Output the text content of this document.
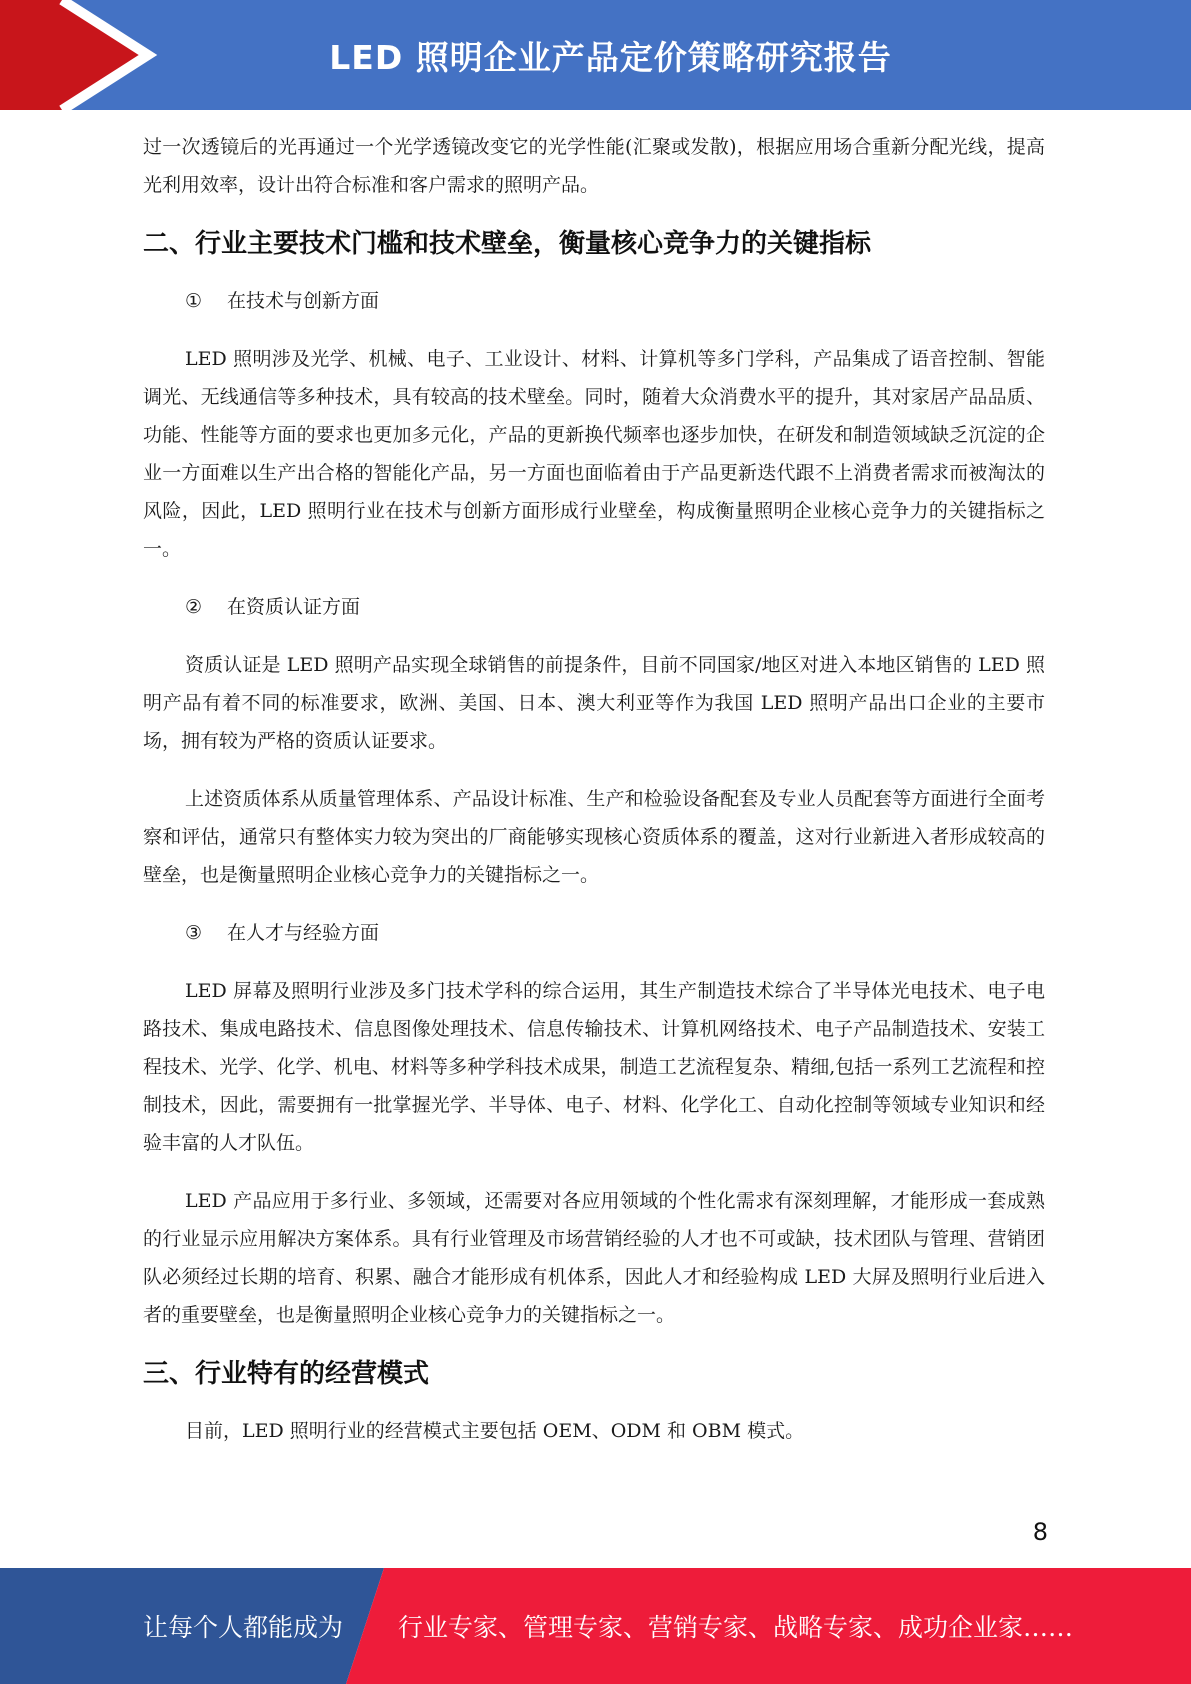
LED 照明企业产品定价策略研究报告

过一次透镜后的光再通过一个光学透镜改变它的光学性能(汇聚或发散)，根据应用场合重新分配光线，提高光利用效率，设计出符合标准和客户需求的照明产品。

二、行业主要技术门槛和技术壁垒，衡量核心竞争力的关键指标
① 在技术与创新方面

LED 照明涉及光学、机械、电子、工业设计、材料、计算机等多门学科，产品集成了语音控制、智能调光、无线通信等多种技术，具有较高的技术壁垒。同时，随着大众消费水平的提升，其对家居产品品质、功能、性能等方面的要求也更加多元化，产品的更新换代频率也逐步加快，在研发和制造领域缺乏沉淀的企业一方面难以生产出合格的智能化产品，另一方面也面临着由于产品更新迭代跟不上消费者需求而被淘汰的风险，因此，LED 照明行业在技术与创新方面形成行业壁垒，构成衡量照明企业核心竞争力的关键指标之一。

② 在资质认证方面

资质认证是 LED 照明产品实现全球销售的前提条件，目前不同国家/地区对进入本地区销售的 LED 照明产品有着不同的标准要求，欧洲、美国、日本、澳大利亚等作为我国 LED 照明产品出口企业的主要市场，拥有较为严格的资质认证要求。

上述资质体系从质量管理体系、产品设计标准、生产和检验设备配套及专业人员配套等方面进行全面考察和评估，通常只有整体实力较为突出的厂商能够实现核心资质体系的覆盖，这对行业新进入者形成较高的壁垒，也是衡量照明企业核心竞争力的关键指标之一。

③ 在人才与经验方面

LED 屏幕及照明行业涉及多门技术学科的综合运用，其生产制造技术综合了半导体光电技术、电子电路技术、集成电路技术、信息图像处理技术、信息传输技术、计算机网络技术、电子产品制造技术、安装工程技术、光学、化学、机电、材料等多种学科技术成果，制造工艺流程复杂、精细,包括一系列工艺流程和控制技术，因此，需要拥有一批掌握光学、半导体、电子、材料、化学化工、自动化控制等领域专业知识和经验丰富的人才队伍。

LED 产品应用于多行业、多领域，还需要对各应用领域的个性化需求有深刻理解，才能形成一套成熟的行业显示应用解决方案体系。具有行业管理及市场营销经验的人才也不可或缺，技术团队与管理、营销团队必须经过长期的培育、积累、融合才能形成有机体系，因此人才和经验构成 LED 大屏及照明行业后进入者的重要壁垒，也是衡量照明企业核心竞争力的关键指标之一。

三、行业特有的经营模式

目前，LED 照明行业的经营模式主要包括 OEM、ODM 和 OBM 模式。

8
让每个人都能成为 行业专家、管理专家、营销专家、战略专家、成功企业家……
